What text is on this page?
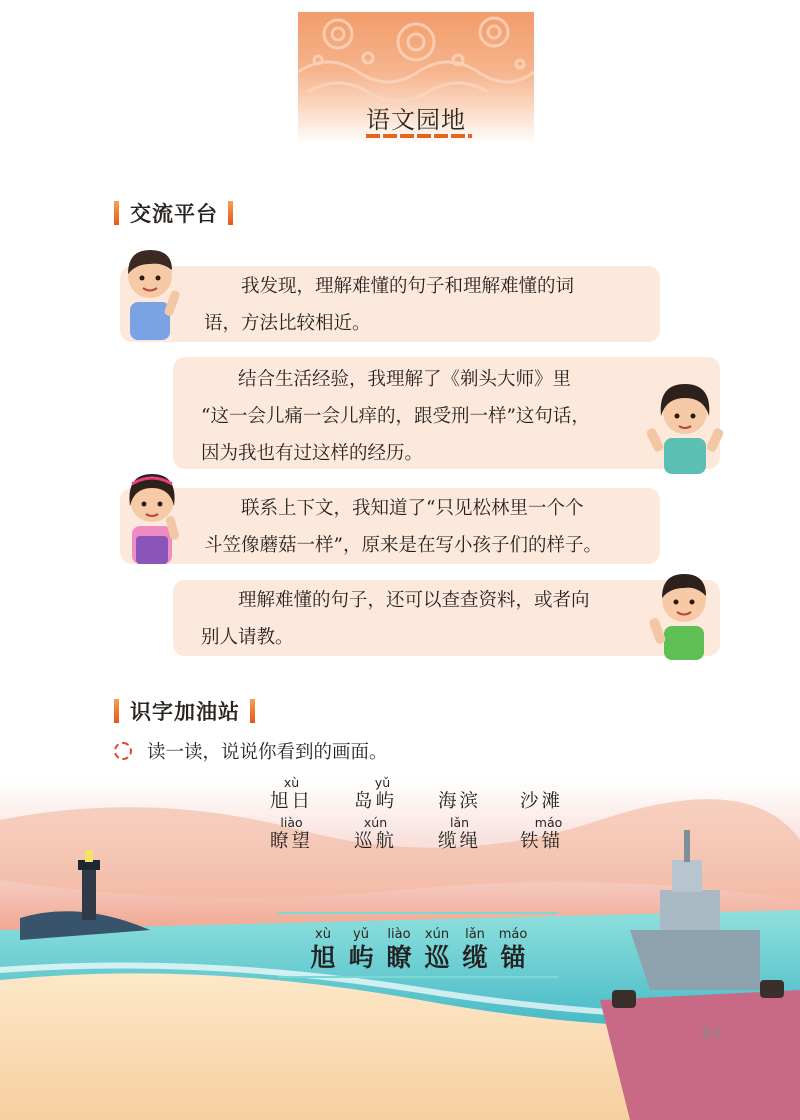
语文园地
交流平台

我发现，理解难懂的句子和理解难懂的词

语，方法比较相近。

结合生活经验，我理解了《剃头大师》里

“这一会儿痛一会儿痒的，跟受刑一样”这句话，
因为我也有过这样的经历。

联系上下文，我知道了“只见松林里一个个

斗笠像蘑菇一样”，原来是在写小孩子们的样子。

理解难懂的句子，还可以查查资料，或者向

别人请教。
识字加油站
读一读，说说你看到的画面。
xù
旭日
yǔ
岛屿 海滨 沙滩
liào
瞭望
xún
巡航
lǎn
缆绳
máo
铁锚
xù
旭
yǔ
屿
liào
瞭
xún
巡
lǎn
缆
máo
锚
83
